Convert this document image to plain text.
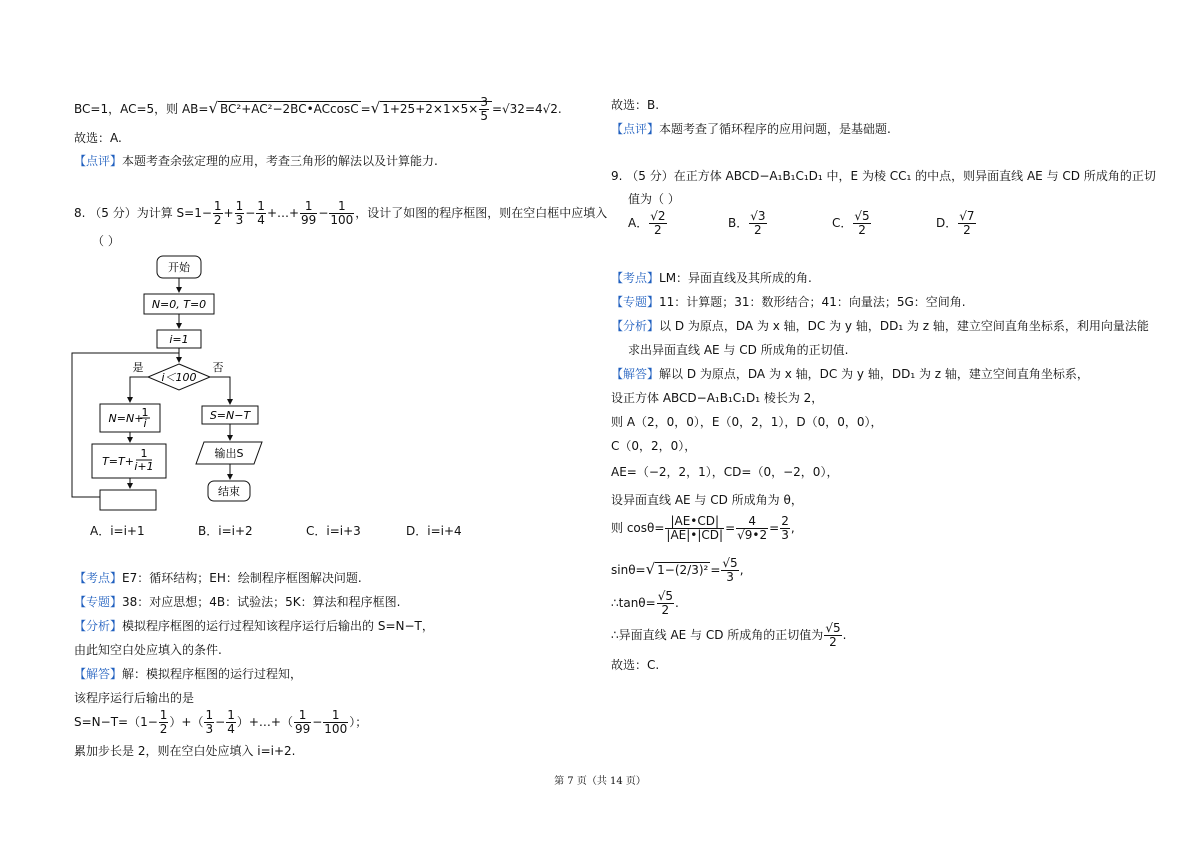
BC=1，AC=5，则 AB=√ BC²+AC²−2BC•ACcosC =√ $1+25+2\times 1\times 5\times \frac{3}{5} =√32=4√2$.
故选：A.
【点评】本题考查余弦定理的应用，考查三角形的解法以及计算能力.
8. （5 分）为计算 $S=1- \frac{1}{2} + \frac{1}{3} - \frac{1}{4}$ +…+ $\frac{1}{99} - \frac{1}{100}$ ，设计了如图的程序框图，则在空白框中应填入
（ ）
开始
N=0, T=0
i=1
i＜100
是	否
N=N+
1
i
T=T+
1
i+1
S=N−T
输出S
结束
A．i=i+1	B．i=i+2	C．i=i+3	D．i=i+4
【考点】E7：循环结构；EH：绘制程序框图解决问题.
【专题】38：对应思想；4B：试验法；5K：算法和程序框图.
【分析】模拟程序框图的运行过程知该程序运行后输出的 S=N−T，
由此知空白处应填入的条件.
【解答】解：模拟程序框图的运行过程知，
该程序运行后输出的是
$S=N-T=(1- \frac{1}{2}$ ）+（ $\frac{1}{3} - \frac{1}{4}$ ）+…+（ $\frac{1}{99} - \frac{1}{100}$ ）；
累加步长是 2，则在空白处应填入 i=i+2.
故选：B.
【点评】本题考查了循环程序的应用问题，是基础题.
9. （5 分）在正方体 ABCD−A₁B₁C₁D₁ 中，E 为棱 CC₁ 的中点，则异面直线 AE 与 CD 所成角的正切
值为（ ）
A． $\frac{√2}{2}$	B． $\frac{√3}{2}$	C． $\frac{√5}{2}$	D． $\frac{√7}{2}$
【考点】LM：异面直线及其所成的角.
【专题】11：计算题；31：数形结合；41：向量法；5G：空间角.
【分析】以 D 为原点，DA 为 x 轴，DC 为 y 轴，DD₁ 为 z 轴，建立空间直角坐标系，利用向量法能
求出异面直线 AE 与 CD 所成角的正切值.
【解答】解以 D 为原点，DA 为 x 轴，DC 为 y 轴，DD₁ 为 z 轴，建立空间直角坐标系，
设正方体 ABCD−A₁B₁C₁D₁ 棱长为 2，
则 A（2，0，0），E（0，2，1），D（0，0，0），
C（0，2，0），
AE=（−2，2，1），CD=（0，−2，0），
设异面直线 AE 与 CD 所成角为 θ，
则 $\cos\theta= \frac{|AE•CD|}{|AE|•|CD|} = \frac{4}{√9•2} = \frac{2}{3}$ ,
sinθ=√ $1-(2/3)^2 = \frac{√5}{3}$ ,
∴tanθ= $\frac{√5}{2}$ .
∴异面直线 AE 与 CD 所成角的正切值为 $\frac{√5}{2}$ .
故选：C.
第 7 页（共 14 页）
